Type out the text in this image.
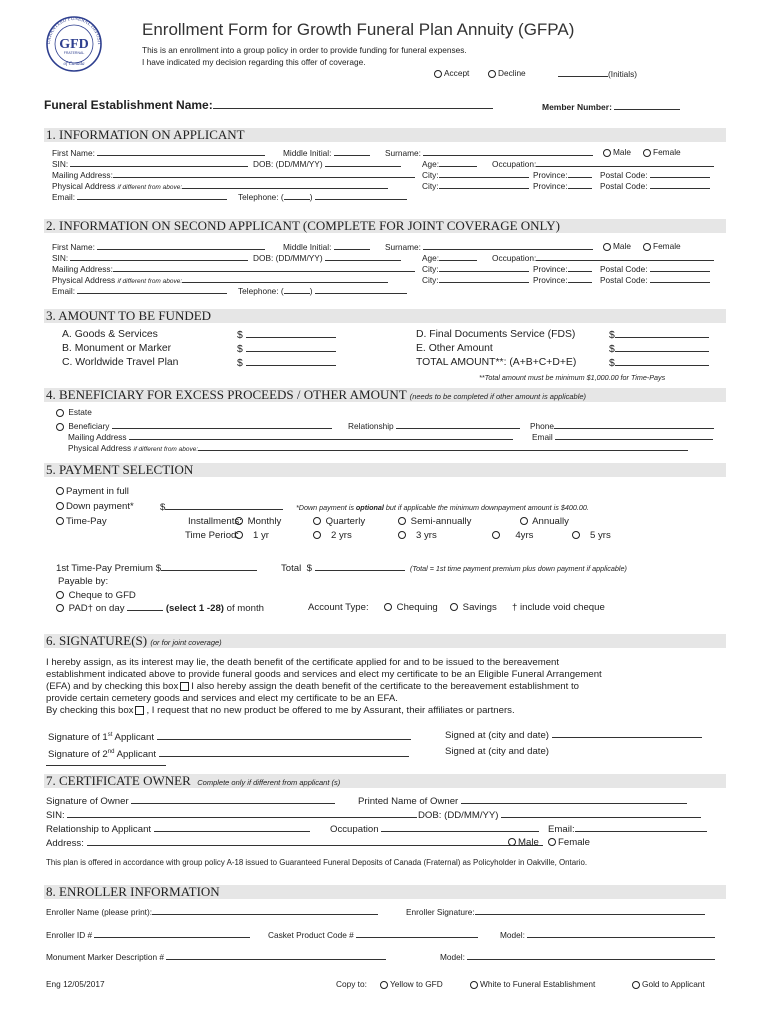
UARANTEED FUNERAL DEPOSIT
GFD
FRATERNAL
of Canada
Enrollment Form for Growth Funeral Plan Annuity (GFPA)
This is an enrollment into a group policy in order to provide funding for funeral expenses.
I have indicated my decision regarding this offer of coverage.
Accept	Decline	(Initials)
Funeral Establishment Name:	Member Number:
1. INFORMATION ON APPLICANT
First Name:	Middle Initial:	Surname:	Male	Female
SIN:	DOB: (DD/MM/YY)	Age:	Occupation:
Mailing Address:	City:	Province:	Postal Code:
Physical Address if different from above:	City:	Province:	Postal Code:
Email:	Telephone: (	)
2. INFORMATION ON SECOND APPLICANT (COMPLETE FOR JOINT COVERAGE ONLY)
First Name:	Middle Initial:	Surname:	Male	Female
SIN:	DOB: (DD/MM/YY)	Age:	Occupation:
Mailing Address:	City:	Province:	Postal Code:
Physical Address if different from above:	City:	Province:	Postal Code:
Email:	Telephone: (	)
3. AMOUNT TO BE FUNDED
A. Goods & Services	$
B. Monument or Marker	$
C. Worldwide Travel Plan	$
D. Final Documents Service (FDS)	$
E. Other Amount	$
TOTAL AMOUNT**: (A+B+C+D+E)	$
**Total amount must be minimum $1,000.00 for Time-Pays
4. BENEFICIARY FOR EXCESS PROCEEDS / OTHER AMOUNT (needs to be completed if other amount is applicable)
Estate
Beneficiary	Relationship	Phone
Mailing Address	Email
Physical Address if different from above:
5. PAYMENT SELECTION
Payment in full
Down payment*	$	*Down payment is optional but if applicable the minimum downpayment amount is $400.00.
Time-Pay	Installments: Monthly	Quarterly	Semi-annually	Annually
Time Period:	1 yr	2 yrs	3 yrs	4yrs	5 yrs
1st Time-Pay Premium $	Total $	(Total = 1st time payment premium plus down payment if applicable)
Payable by:
Cheque to GFD
PAD† on day	(select 1 -28) of month	Account Type:	Chequing	Savings † include void cheque
6. SIGNATURE(S) (or for joint coverage)
I hereby assign, as its interest may lie, the death benefit of the certificate applied for and to be issued to the bereavement
establishment indicated above to provide funeral goods and services and elect my certificate to be an Eligible Funeral Arrangement
(EFA) and by checking this box I also hereby assign the death benefit of the certificate to the bereavement establishment to
provide certain cemetery goods and services and elect my certificate to be an EFA.
By checking this box , I request that no new product be offered to me by Assurant, their affiliates or partners.
Signature of 1st Applicant	Signed at (city and date)
Signature of 2nd Applicant	Signed at (city and date)
7. CERTIFICATE OWNER Complete only if different from applicant (s)
Signature of Owner	Printed Name of Owner
SIN:	DOB: (DD/MM/YY)
Relationship to Applicant	Occupation	Email:
Address:	Male	Female
This plan is offered in accordance with group policy A-18 issued to Guaranteed Funeral Deposits of Canada (Fraternal) as Policyholder in Oakville, Ontario.
8. ENROLLER INFORMATION
Enroller Name (please print):	Enroller Signature:
Enroller ID #	Casket Product Code #	Model:
Monument Marker Description #	Model:
Eng 12/05/2017	Copy to:	Yellow to GFD	White to Funeral Establishment	Gold to Applicant
